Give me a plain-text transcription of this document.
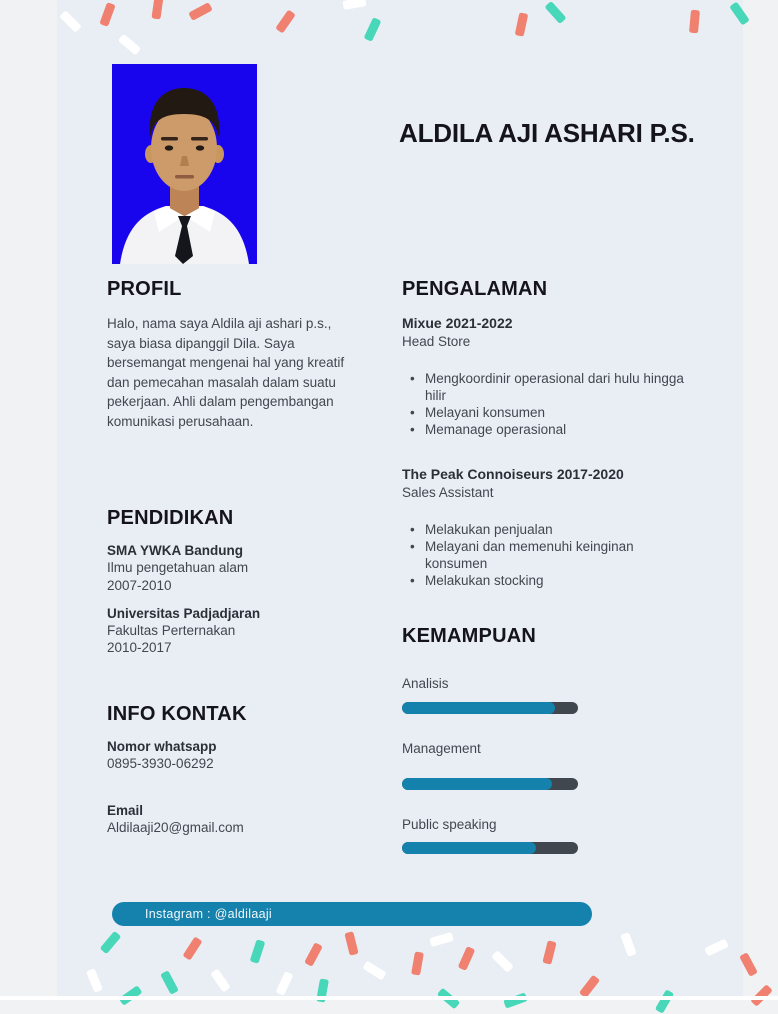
ALDILA AJI ASHARI P.S.
PROFIL
Halo, nama saya Aldila aji ashari p.s., saya biasa dipanggil Dila. Saya bersemangat mengenai hal yang kreatif dan pemecahan masalah dalam suatu pekerjaan. Ahli dalam pengembangan komunikasi perusahaan.
PENDIDIKAN
SMA YWKA Bandung
Ilmu pengetahuan alam
2007-2010
Universitas Padjadjaran
Fakultas Perternakan
2010-2017
INFO KONTAK
Nomor whatsapp
0895-3930-06292
Email
Aldilaaji20@gmail.com
PENGALAMAN
Mixue 2021-2022
Head Store
• Mengkoordinir operasional dari hulu hingga hilir
• Melayani konsumen
• Memanage operasional
The Peak Connoiseurs 2017-2020
Sales Assistant
• Melakukan penjualan
• Melayani dan memenuhi keinginan konsumen
• Melakukan stocking
KEMAMPUAN
Analisis
Management
Public speaking
Instagram : @aldilaaji
